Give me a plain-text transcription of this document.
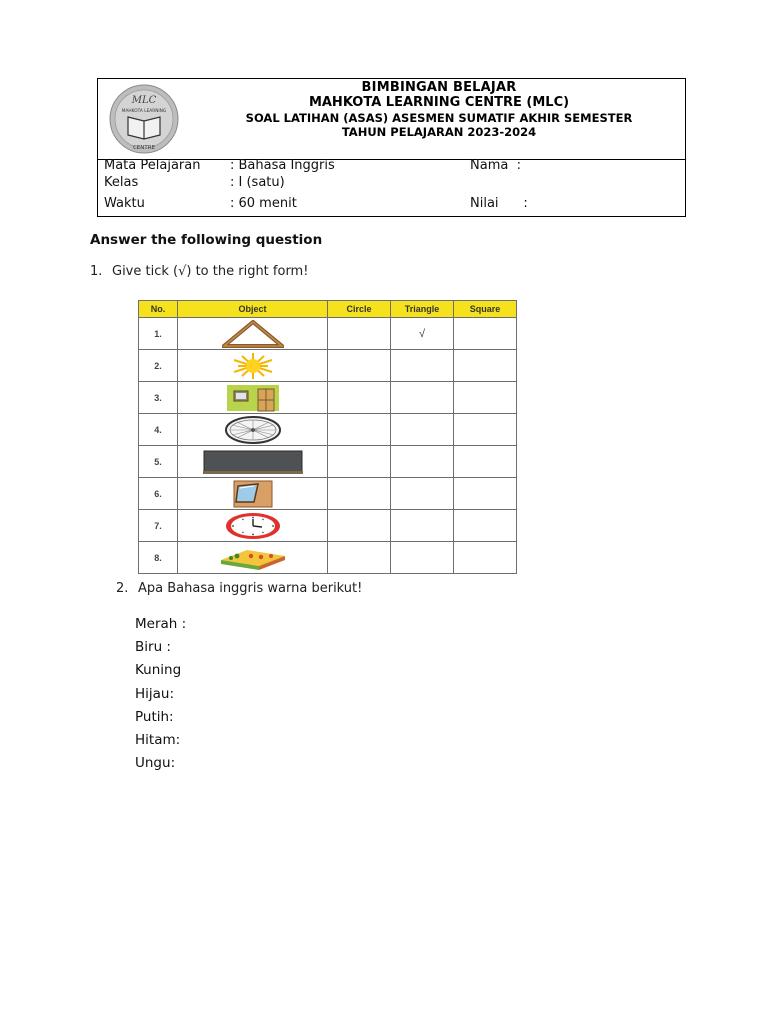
MLC
MAHKOTA LEARNING
CENTRE
BIMBINGAN BELAJAR
MAHKOTA LEARNING CENTRE (MLC)
SOAL LATIHAN (ASAS) ASESMEN SUMATIF AKHIR SEMESTER
TAHUN PELAJARAN 2023-2024
Mata Pelajaran : Bahasa Inggris
Kelas	: I (satu)
Waktu	: 60 menit
Nama  :
Nilai      :
Answer the following question
1. Give tick (√) to the right form!
No.	Object	Circle	Triangle	Square
1.			√	
2.	

3.	

4.	

5.	

6.	

7.	

8.	

2. Apa Bahasa inggris warna berikut!
Merah :
Biru :
Kuning
Hijau:
Putih:
Hitam:
Ungu:
